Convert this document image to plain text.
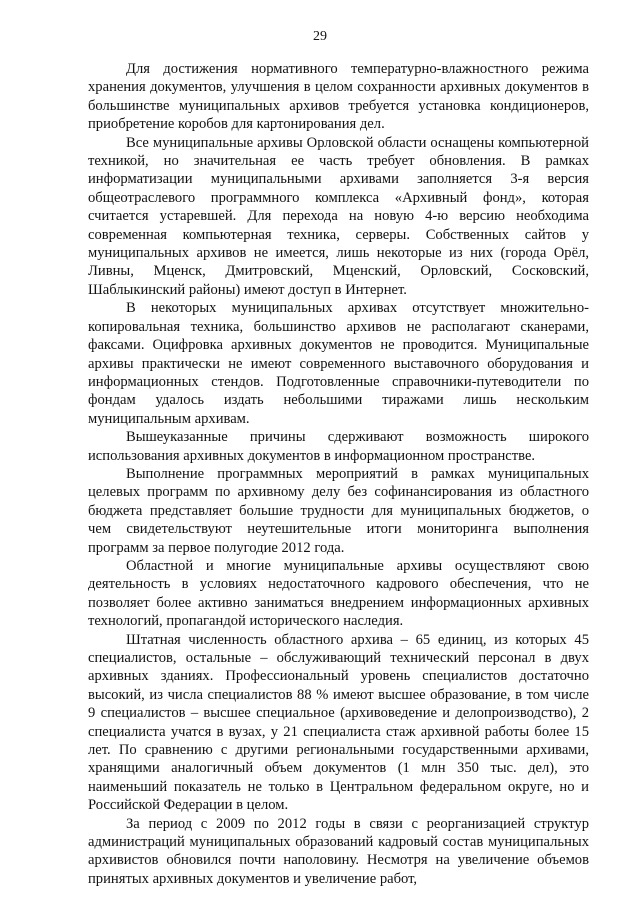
29

Для достижения нормативного температурно-влажностного режима хранения документов, улучшения в целом сохранности архивных документов в большинстве муниципальных архивов требуется установка кондиционеров, приобретение коробов для картонирования дел.

Все муниципальные архивы Орловской области оснащены компьютерной техникой, но значительная ее часть требует обновления. В рамках информатизации муниципальными архивами заполняется 3-я версия общеотраслевого программного комплекса «Архивный фонд», которая считается устаревшей. Для перехода на новую 4-ю версию необходима современная компьютерная техника, серверы. Собственных сайтов у муниципальных архивов не имеется, лишь некоторые из них (города Орёл, Ливны, Мценск, Дмитровский, Мценский, Орловский, Сосковский, Шаблыкинский районы) имеют доступ в Интернет.

В некоторых муниципальных архивах отсутствует множительно-копировальная техника, большинство архивов не располагают сканерами, факсами. Оцифровка архивных документов не проводится. Муниципальные архивы практически не имеют современного выставочного оборудования и информационных стендов. Подготовленные справочники-путеводители по фондам удалось издать небольшими тиражами лишь нескольким муниципальным архивам.

Вышеуказанные причины сдерживают возможность широкого использования архивных документов в информационном пространстве.

Выполнение программных мероприятий в рамках муниципальных целевых программ по архивному делу без софинансирования из областного бюджета представляет большие трудности для муниципальных бюджетов, о чем свидетельствуют неутешительные итоги мониторинга выполнения программ за первое полугодие 2012 года.

Областной и многие муниципальные архивы осуществляют свою деятельность в условиях недостаточного кадрового обеспечения, что не позволяет более активно заниматься внедрением информационных архивных технологий, пропагандой исторического наследия.

Штатная численность областного архива – 65 единиц, из которых 45 специалистов, остальные – обслуживающий технический персонал в двух архивных зданиях. Профессиональный уровень специалистов достаточно высокий, из числа специалистов 88 % имеют высшее образование, в том числе 9 специалистов – высшее специальное (архивоведение и делопроизводство), 2 специалиста учатся в вузах, у 21 специалиста стаж архивной работы более 15 лет. По сравнению с другими региональными государственными архивами, хранящими аналогичный объем документов (1 млн 350 тыс. дел), это наименьший показатель не только в Центральном федеральном округе, но и Российской Федерации в целом.

За период с 2009 по 2012 годы в связи с реорганизацией структур администраций муниципальных образований кадровый состав муниципальных архивистов обновился почти наполовину. Несмотря на увеличение объемов принятых архивных документов и увеличение работ,
